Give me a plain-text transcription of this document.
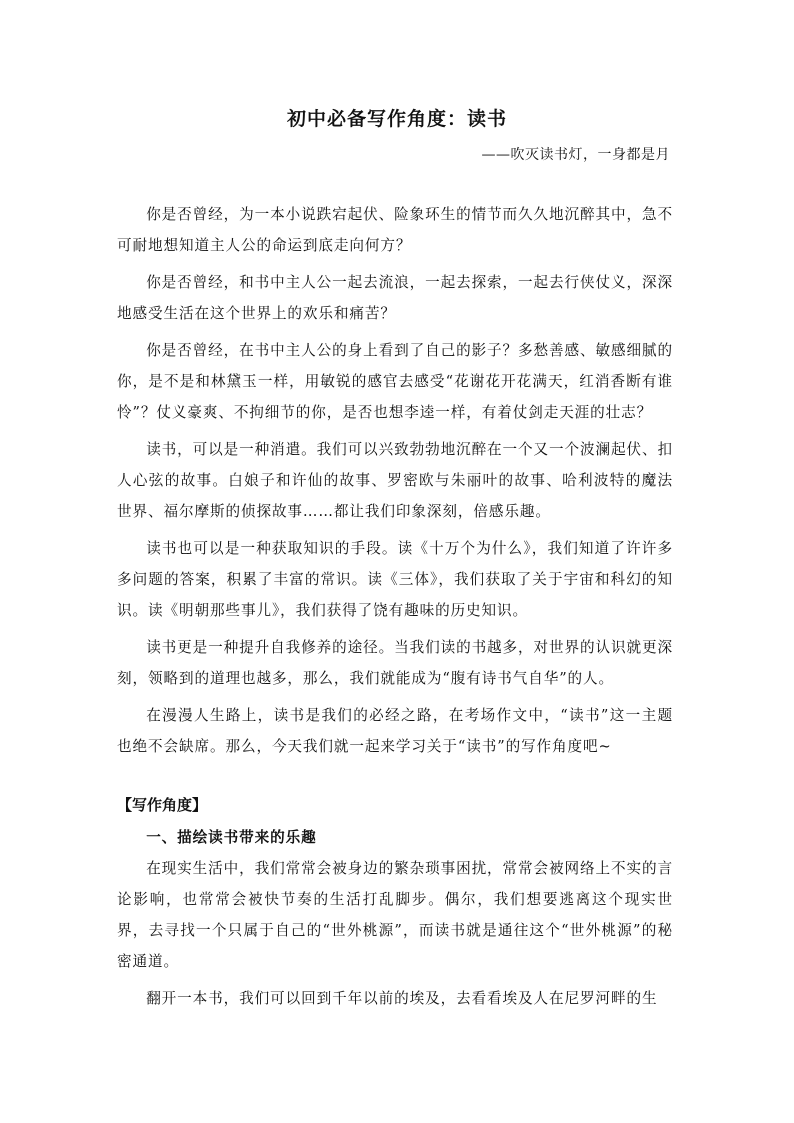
初中必备写作角度：读书
——吹灭读书灯，一身都是月

你是否曾经，为一本小说跌宕起伏、险象环生的情节而久久地沉醉其中，急不可耐地想知道主人公的命运到底走向何方？

你是否曾经，和书中主人公一起去流浪，一起去探索，一起去行侠仗义，深深地感受生活在这个世界上的欢乐和痛苦？

你是否曾经，在书中主人公的身上看到了自己的影子？多愁善感、敏感细腻的你，是不是和林黛玉一样，用敏锐的感官去感受“花谢花开花满天，红消香断有谁怜”？仗义豪爽、不拘细节的你，是否也想李逵一样，有着仗剑走天涯的壮志？

读书，可以是一种消遣。我们可以兴致勃勃地沉醉在一个又一个波澜起伏、扣人心弦的故事。白娘子和许仙的故事、罗密欧与朱丽叶的故事、哈利波特的魔法世界、福尔摩斯的侦探故事……都让我们印象深刻，倍感乐趣。

读书也可以是一种获取知识的手段。读《十万个为什么》，我们知道了许许多多问题的答案，积累了丰富的常识。读《三体》，我们获取了关于宇宙和科幻的知识。读《明朝那些事儿》，我们获得了饶有趣味的历史知识。

读书更是一种提升自我修养的途径。当我们读的书越多，对世界的认识就更深刻，领略到的道理也越多，那么，我们就能成为“腹有诗书气自华”的人。

在漫漫人生路上，读书是我们的必经之路，在考场作文中，“读书”这一主题也绝不会缺席。那么，今天我们就一起来学习关于“读书”的写作角度吧~

【写作角度】

一、描绘读书带来的乐趣

在现实生活中，我们常常会被身边的繁杂琐事困扰，常常会被网络上不实的言论影响，也常常会被快节奏的生活打乱脚步。偶尔，我们想要逃离这个现实世界，去寻找一个只属于自己的“世外桃源”，而读书就是通往这个“世外桃源”的秘密通道。

翻开一本书，我们可以回到千年以前的埃及，去看看埃及人在尼罗河畔的生
